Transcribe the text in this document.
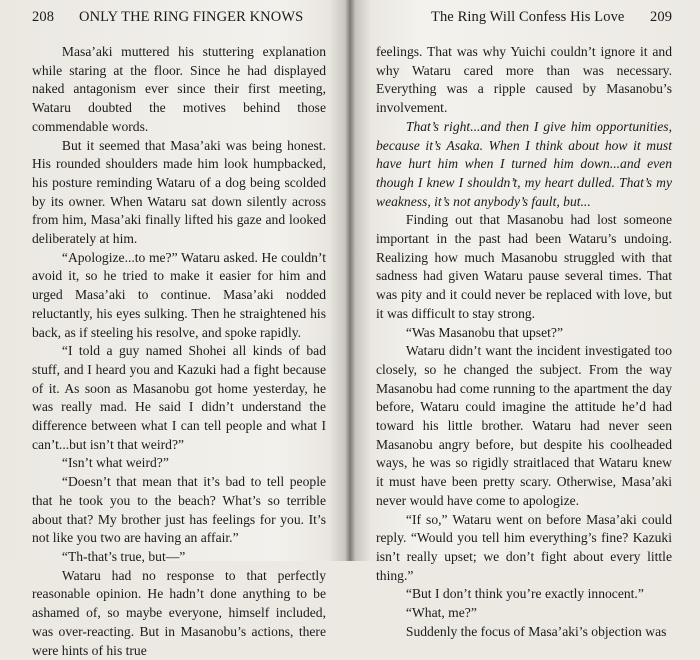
208 ONLY THE RING FINGER KNOWS

Masa’aki muttered his stuttering explanation while staring at the floor. Since he had displayed naked antagonism ever since their first meeting, Wataru doubted the motives behind those commendable words.

But it seemed that Masa’aki was being honest. His rounded shoulders made him look humpbacked, his posture reminding Wataru of a dog being scolded by its owner. When Wataru sat down silently across from him, Masa’aki finally lifted his gaze and looked deliberately at him.

“Apologize...to me?” Wataru asked. He couldn’t avoid it, so he tried to make it easier for him and urged Masa’aki to continue. Masa’aki nodded reluctantly, his eyes sulking. Then he straightened his back, as if steeling his resolve, and spoke rapidly.

“I told a guy named Shohei all kinds of bad stuff, and I heard you and Kazuki had a fight because of it. As soon as Masanobu got home yesterday, he was really mad. He said I didn’t understand the difference between what I can tell people and what I can’t...but isn’t that weird?”

“Isn’t what weird?”

“Doesn’t that mean that it’s bad to tell people that he took you to the beach? What’s so terrible about that? My brother just has feelings for you. It’s not like you two are having an affair.”

“Th-that’s true, but—”

Wataru had no response to that perfectly reasonable opinion. He hadn’t done anything to be ashamed of, so maybe everyone, himself included, was over-reacting. But in Masanobu’s actions, there were hints of his true

The Ring Will Confess His Love 209

feelings. That was why Yuichi couldn’t ignore it and why Wataru cared more than was necessary. Everything was a ripple caused by Masanobu’s involvement.

That’s right...and then I give him opportunities, because it’s Asaka. When I think about how it must have hurt him when I turned him down...and even though I knew I shouldn’t, my heart dulled. That’s my weakness, it’s not anybody’s fault, but...

Finding out that Masanobu had lost someone important in the past had been Wataru’s undoing. Realizing how much Masanobu struggled with that sadness had given Wataru pause several times. That was pity and it could never be replaced with love, but it was difficult to stay strong.

“Was Masanobu that upset?”

Wataru didn’t want the incident investigated too closely, so he changed the subject. From the way Masanobu had come running to the apartment the day before, Wataru could imagine the attitude he’d had toward his little brother. Wataru had never seen Masanobu angry before, but despite his coolheaded ways, he was so rigidly straitlaced that Wataru knew it must have been pretty scary. Otherwise, Masa’aki never would have come to apologize.

“If so,” Wataru went on before Masa’aki could reply. “Would you tell him everything’s fine? Kazuki isn’t really upset; we don’t fight about every little thing.”

“But I don’t think you’re exactly innocent.”

“What, me?”

Suddenly the focus of Masa’aki’s objection was
